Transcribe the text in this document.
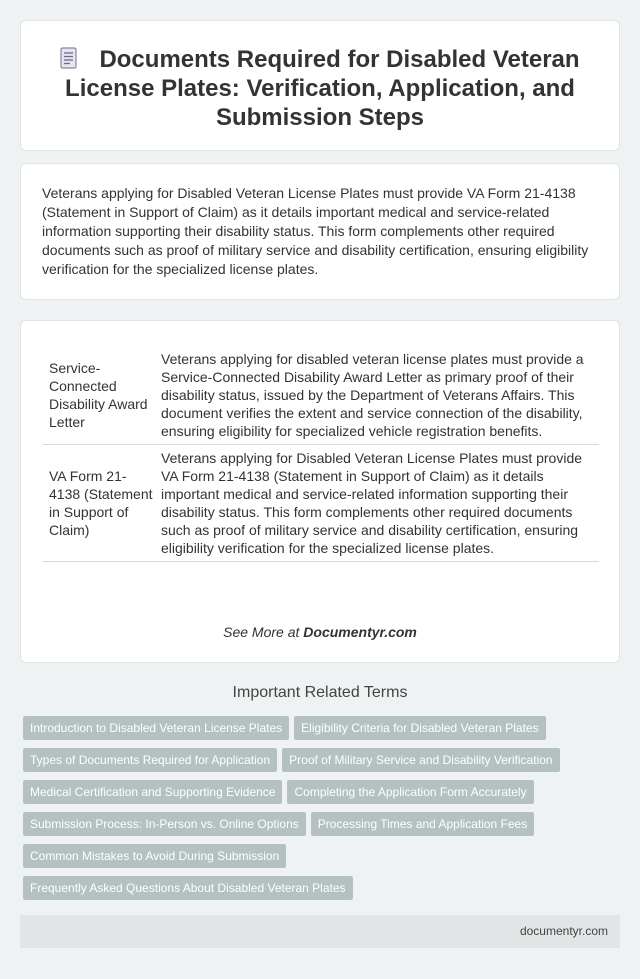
Documents Required for Disabled Veteran License Plates: Verification, Application, and Submission Steps

Veterans applying for Disabled Veteran License Plates must provide VA Form 21-4138 (Statement in Support of Claim) as it details important medical and service-related information supporting their disability status. This form complements other required documents such as proof of military service and disability certification, ensuring eligibility verification for the specialized license plates.

Service-Connected Disability Award Letter	Veterans applying for disabled veteran license plates must provide a Service-Connected Disability Award Letter as primary proof of their disability status, issued by the Department of Veterans Affairs. This document verifies the extent and service connection of the disability, ensuring eligibility for specialized vehicle registration benefits.
VA Form 21-4138 (Statement in Support of Claim)	Veterans applying for Disabled Veteran License Plates must provide VA Form 21-4138 (Statement in Support of Claim) as it details important medical and service-related information supporting their disability status. This form complements other required documents such as proof of military service and disability certification, ensuring eligibility verification for the specialized license plates.
See More at Documentyr.com
Important Related Terms
Introduction to Disabled Veteran License Plates Eligibility Criteria for Disabled Veteran Plates
Types of Documents Required for Application Proof of Military Service and Disability Verification
Medical Certification and Supporting Evidence Completing the Application Form Accurately
Submission Process: In-Person vs. Online Options Processing Times and Application Fees
Common Mistakes to Avoid During Submission
Frequently Asked Questions About Disabled Veteran Plates
documentyr.com
